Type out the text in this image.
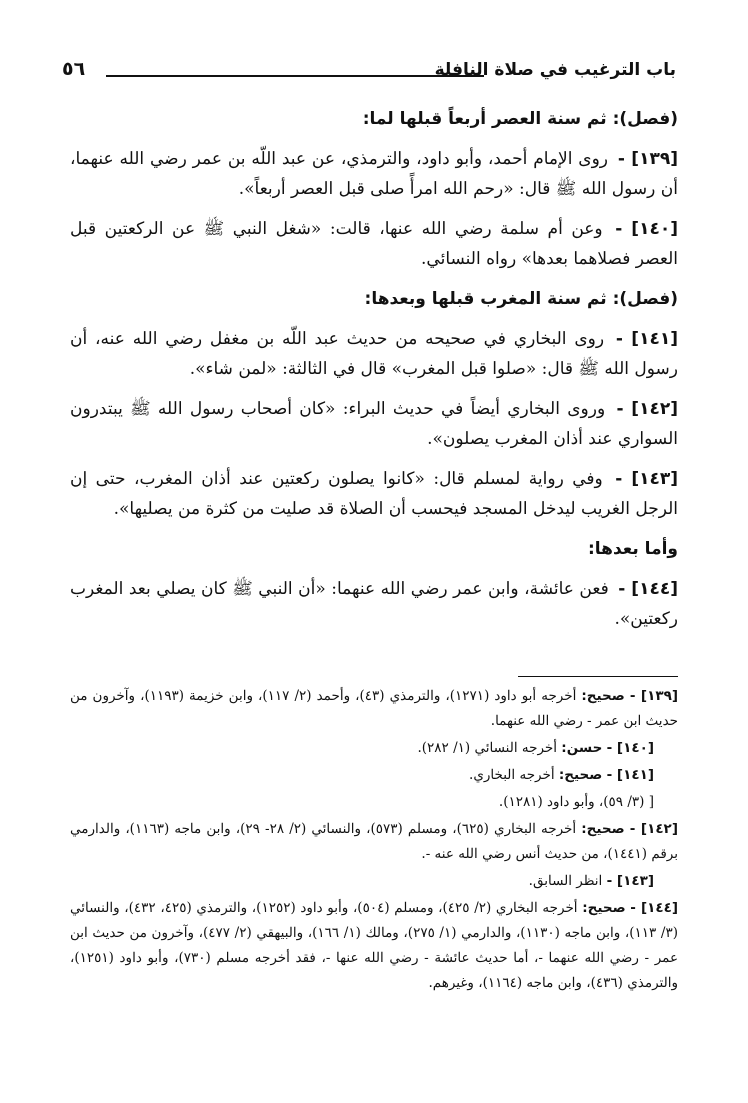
باب الترغيب في صلاة النافلة
٥٦

(فصل): ثم سنة العصر أربعاً قبلها لما:

[١٣٩] - روى الإمام أحمد، وأبو داود، والترمذي، عن عبد اللّه بن عمر رضي الله عنهما، أن رسول الله ﷺ قال: «رحم الله امرأً صلى قبل العصر أربعاً».

[١٤٠] - وعن أم سلمة رضي الله عنها، قالت: «شغل النبي ﷺ عن الركعتين قبل العصر فصلاهما بعدها» رواه النسائي.

(فصل): ثم سنة المغرب قبلها وبعدها:

[١٤١] - روى البخاري في صحيحه من حديث عبد اللّه بن مغفل رضي الله عنه، أن رسول الله ﷺ قال: «صلوا قبل المغرب» قال في الثالثة: «لمن شاء».

[١٤٢] - وروى البخاري أيضاً في حديث البراء: «كان أصحاب رسول الله ﷺ يبتدرون السواري عند أذان المغرب يصلون».

[١٤٣] - وفي رواية لمسلم قال: «كانوا يصلون ركعتين عند أذان المغرب، حتى إن الرجل الغريب ليدخل المسجد فيحسب أن الصلاة قد صليت من كثرة من يصليها».

وأما بعدها:

[١٤٤] - فعن عائشة، وابن عمر رضي الله عنهما: «أن النبي ﷺ كان يصلي بعد المغرب ركعتين».

[١٣٩] - صحيح: أخرجه أبو داود (١٢٧١)، والترمذي (٤٣)، وأحمد (٢/ ١١٧)، وابن خزيمة (١١٩٣)، وآخرون من حديث ابن عمر - رضي الله عنهما.

[١٤٠] - حسن: أخرجه النسائي (١/ ٢٨٢).

[١٤١] - صحيح: أخرجه البخاري.

[ (٣/ ٥٩)، وأبو داود (١٢٨١).

[١٤٢] - صحيح: أخرجه البخاري (٦٢٥)، ومسلم (٥٧٣)، والنسائي (٢/ ٢٨- ٢٩)، وابن ماجه (١١٦٣)، والدارمي برقم (١٤٤١)، من حديث أنس رضي الله عنه -.

[١٤٣] - انظر السابق.

[١٤٤] - صحيح: أخرجه البخاري (٢/ ٤٢٥)، ومسلم (٥٠٤)، وأبو داود (١٢٥٢)، والترمذي (٤٢٥، ٤٣٢)، والنسائي (٣/ ١١٣)، وابن ماجه (١١٣٠)، والدارمي (١/ ٢٧٥)، ومالك (١/ ١٦٦)، والبيهقي (٢/ ٤٧٧)، وآخرون من حديث ابن عمر - رضي الله عنهما -، أما حديث عائشة - رضي الله عنها -، فقد أخرجه مسلم (٧٣٠)، وأبو داود (١٢٥١)، والترمذي (٤٣٦)، وابن ماجه (١١٦٤)، وغيرهم.
